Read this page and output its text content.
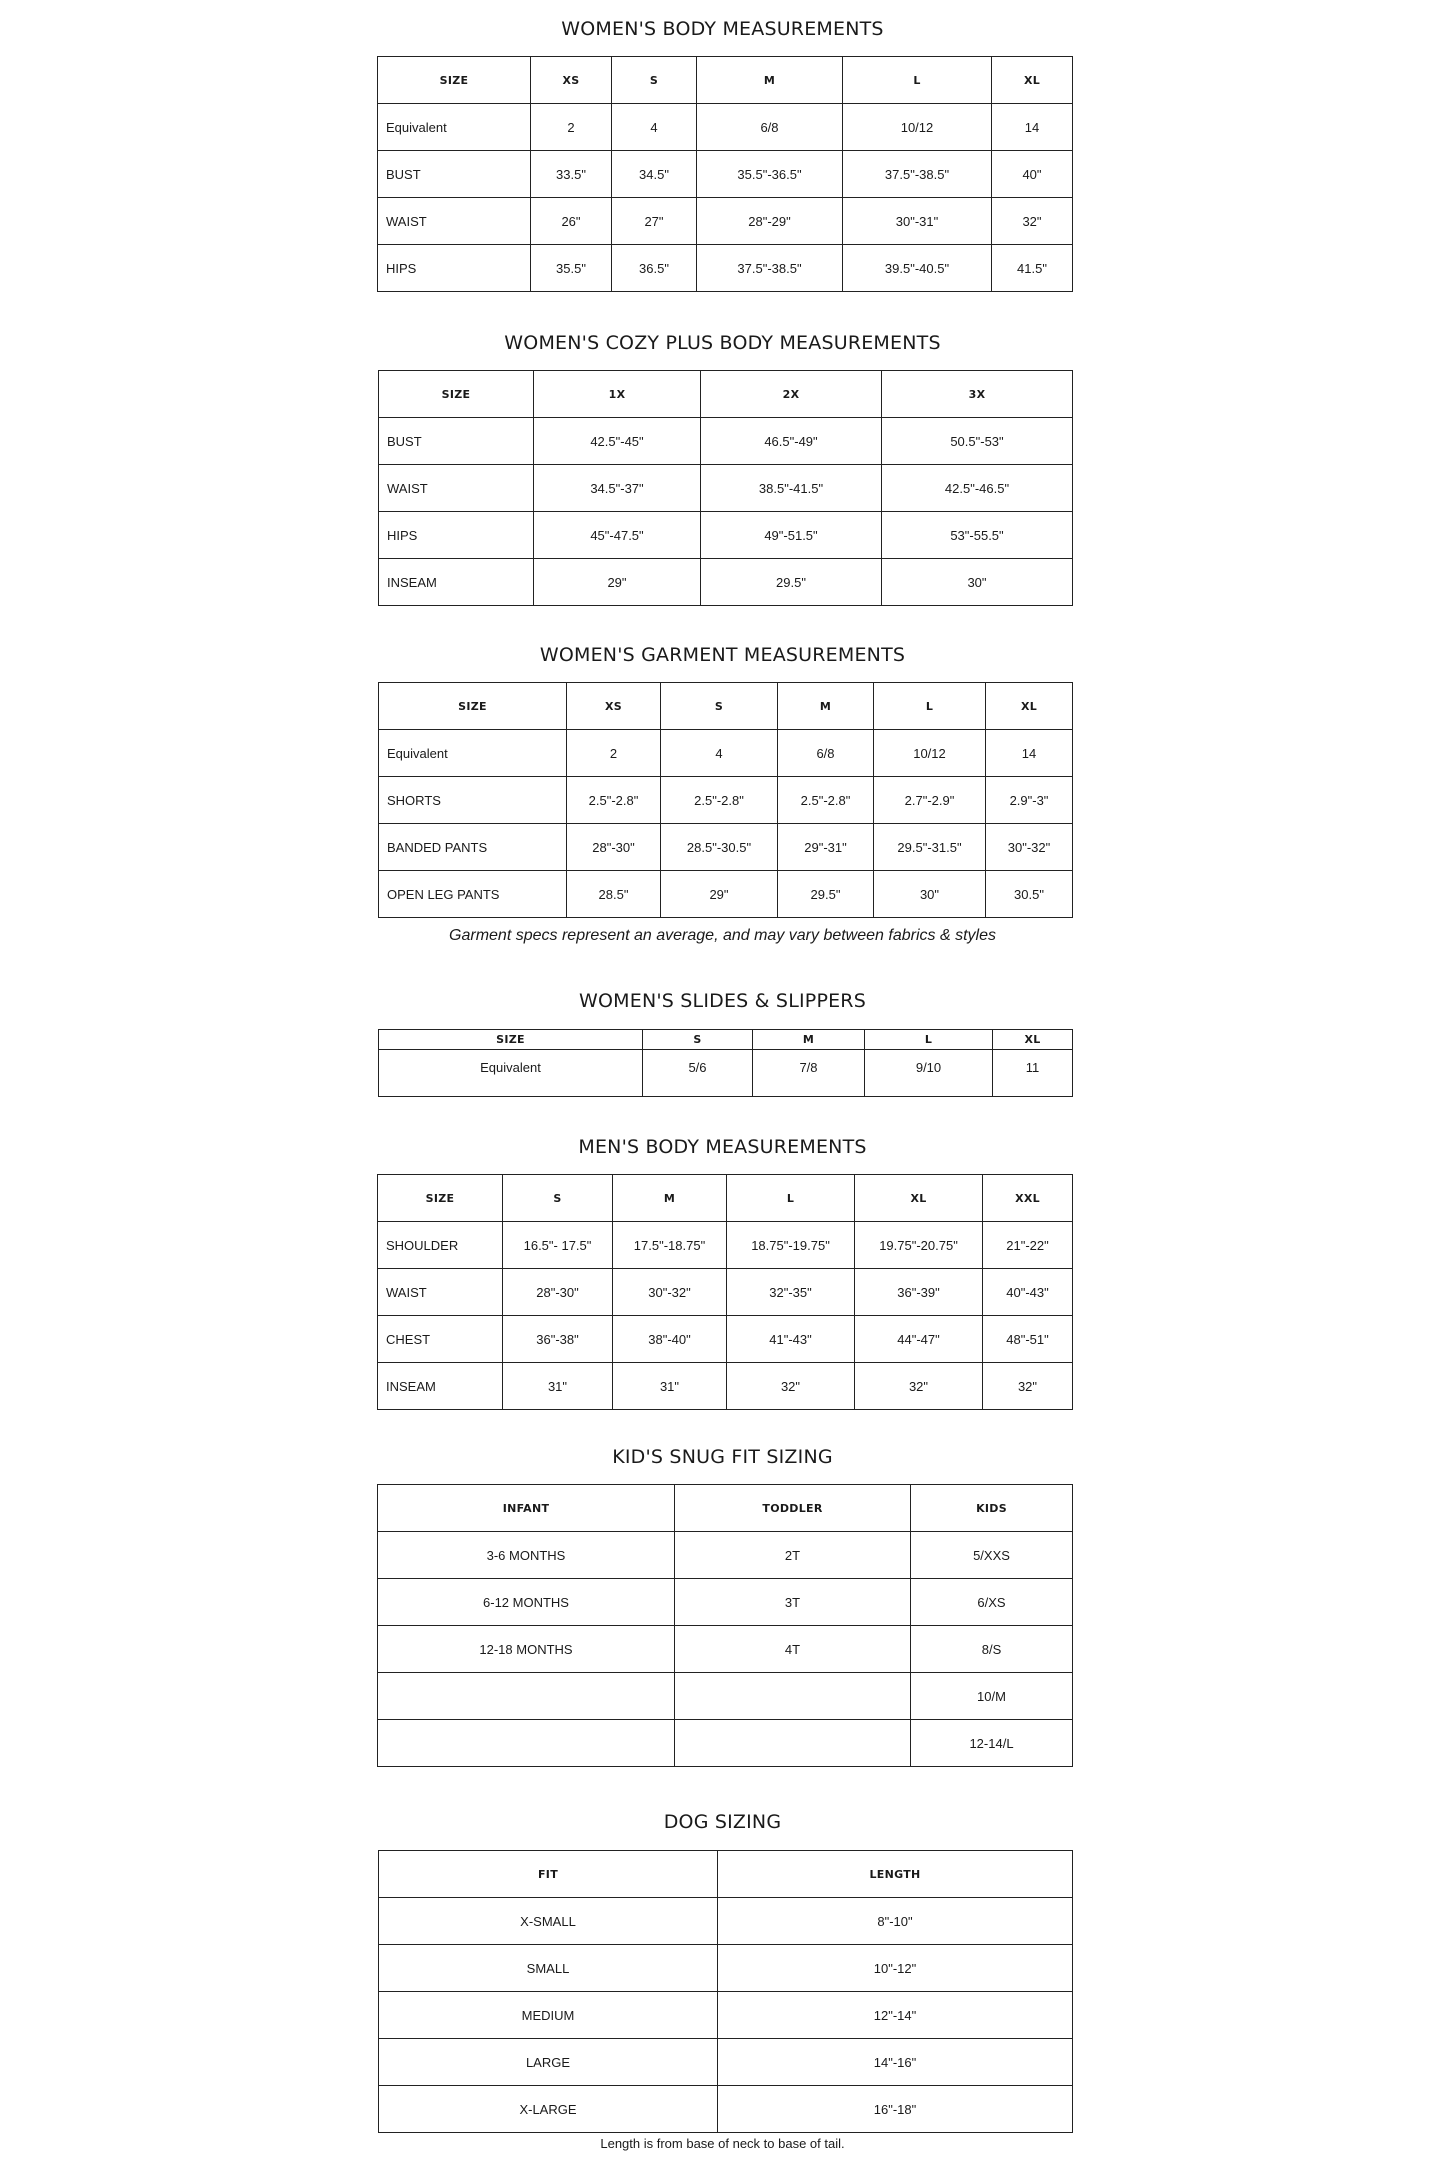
WOMEN'S BODY MEASUREMENTS
SIZE	XS	S	M	L	XL
Equivalent	2	4	6/8	10/12	14
BUST	33.5"	34.5"	35.5"-36.5"	37.5"-38.5"	40"
WAIST	26"	27"	28"-29"	30"-31"	32"
HIPS	35.5"	36.5"	37.5"-38.5"	39.5"-40.5"	41.5"
WOMEN'S COZY PLUS BODY MEASUREMENTS
SIZE	1X	2X	3X
BUST	42.5"-45"	46.5"-49"	50.5"-53"
WAIST	34.5"-37"	38.5"-41.5"	42.5"-46.5"
HIPS	45"-47.5"	49"-51.5"	53"-55.5"
INSEAM	29"	29.5"	30"
WOMEN'S GARMENT MEASUREMENTS
SIZE	XS	S	M	L	XL
Equivalent	2	4	6/8	10/12	14
SHORTS	2.5"-2.8"	2.5"-2.8"	2.5"-2.8"	2.7"-2.9"	2.9"-3"
BANDED PANTS	28"-30"	28.5"-30.5"	29"-31"	29.5"-31.5"	30"-32"
OPEN LEG PANTS	28.5"	29"	29.5"	30"	30.5"
Garment specs represent an average, and may vary between fabrics & styles
WOMEN'S SLIDES & SLIPPERS
SIZE	S	M	L	XL
Equivalent	5/6	7/8	9/10	11
MEN'S BODY MEASUREMENTS
SIZE	S	M	L	XL	XXL
SHOULDER	16.5"- 17.5"	17.5"-18.75"	18.75"-19.75"	19.75"-20.75"	21"-22"
WAIST	28"-30"	30"-32"	32"-35"	36"-39"	40"-43"
CHEST	36"-38"	38"-40"	41"-43"	44"-47"	48"-51"
INSEAM	31"	31"	32"	32"	32"
KID'S SNUG FIT SIZING
INFANT	TODDLER	KIDS
3-6 MONTHS	2T	5/XXS
6-12 MONTHS	3T	6/XS
12-18 MONTHS	4T	8/S
		10/M
		12-14/L
DOG SIZING
FIT	LENGTH
X-SMALL	8"-10"
SMALL	10"-12"
MEDIUM	12"-14"
LARGE	14"-16"
X-LARGE	16"-18"
Length is from base of neck to base of tail.
